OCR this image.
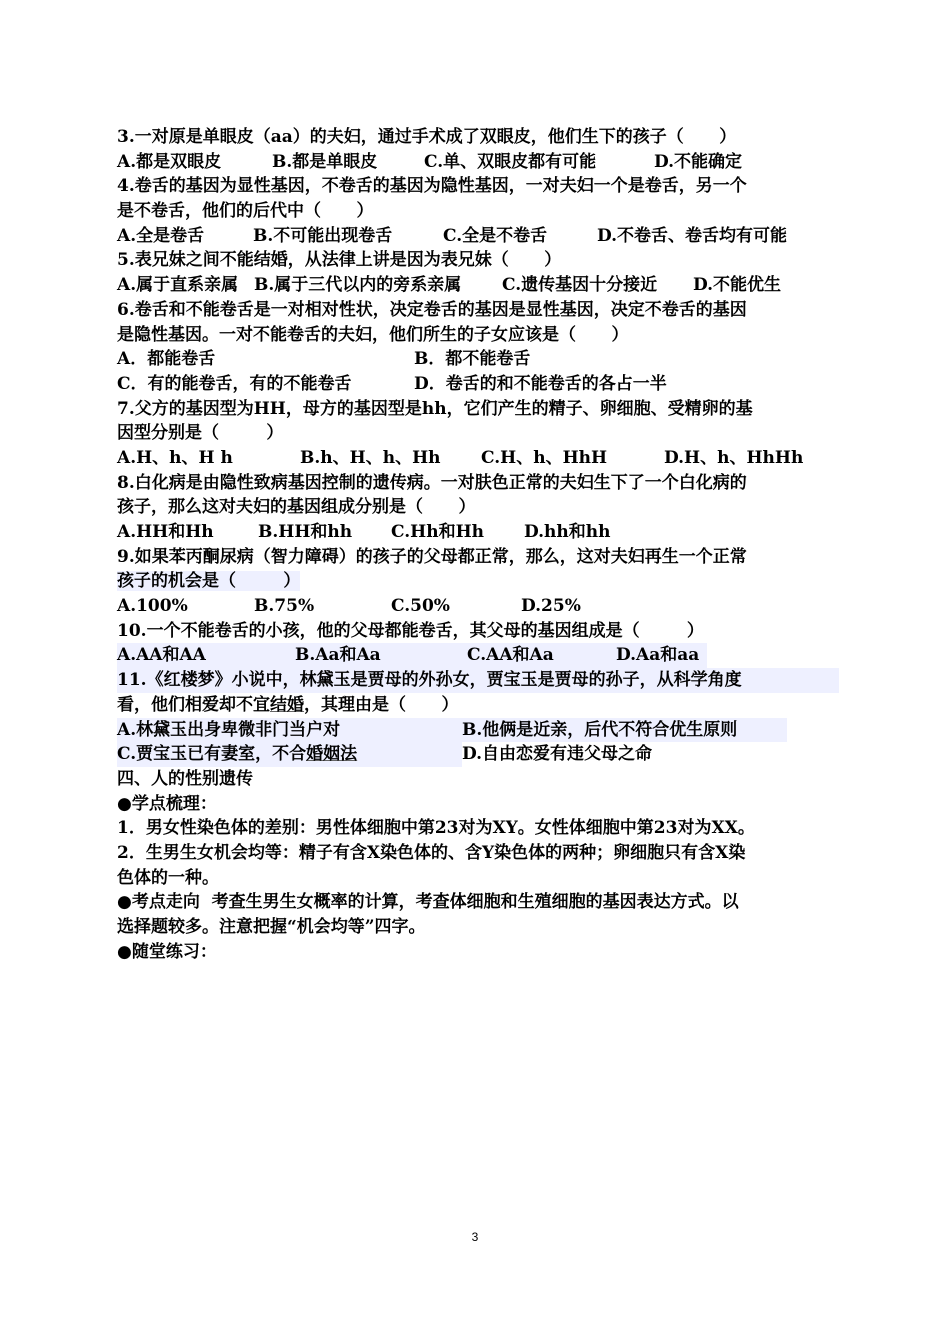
3.一对原是单眼皮（aa）的夫妇，通过手术成了双眼皮，他们生下的孩子（      ）
A.都是双眼皮	B.都是单眼皮	C.单、双眼皮都有可能	D.不能确定
4.卷舌的基因为显性基因，不卷舌的基因为隐性基因，一对夫妇一个是卷舌，另一个
是不卷舌，他们的后代中（      ）
A.全是卷舌	B.不可能出现卷舌	C.全是不卷舌	D.不卷舌、卷舌均有可能
5.表兄妹之间不能结婚，从法律上讲是因为表兄妹（      ）
A.属于直系亲属 B.属于三代以内的旁系亲属	C.遗传基因十分接近	D.不能优生
6.卷舌和不能卷舌是一对相对性状，决定卷舌的基因是显性基因，决定不卷舌的基因
是隐性基因。一对不能卷舌的夫妇，他们所生的子女应该是（      ）
A．都能卷舌	B．都不能卷舌
C．有的能卷舌，有的不能卷舌	D．卷舌的和不能卷舌的各占一半
7.父方的基因型为HH，母方的基因型是hh，它们产生的精子、卵细胞、受精卵的基
因型分别是（        ）
A.H、h、H h	B.h、H、h、Hh	C.H、h、HhH	D.H、h、HhHh
8.白化病是由隐性致病基因控制的遗传病。一对肤色正常的夫妇生下了一个白化病的
孩子，那么这对夫妇的基因组成分别是（      ）
A.HH和Hh	B.HH和hh	C.Hh和Hh	D.hh和hh
9.如果苯丙酮尿病（智力障碍）的孩子的父母都正常，那么，这对夫妇再生一个正常
孩子的机会是（        ）
A.100%	B.75%	C.50%	D.25%
10.一个不能卷舌的小孩，他的父母都能卷舌，其父母的基因组成是（        ）
A.AA和AA	B.Aa和Aa	C.AA和Aa	D.Aa和aa
11.《红楼梦》小说中，林黛玉是贾母的外孙女，贾宝玉是贾母的孙子，从科学角度
看，他们相爱却不宜结婚，其理由是（      ）
A.林黛玉出身卑微非门当户对	B.他俩是近亲，后代不符合优生原则
C.贾宝玉已有妻室，不合婚姻法	D.自由恋爱有违父母之命
四、人的性别遗传
●学点梳理：
1．男女性染色体的差别：男性体细胞中第23对为XY。女性体细胞中第23对为XX。
2．生男生女机会均等：精子有含X染色体的、含Y染色体的两种；卵细胞只有含X染
色体的一种。
●考点走向  考查生男生女概率的计算，考查体细胞和生殖细胞的基因表达方式。以
选择题较多。注意把握“机会均等”四字。
●随堂练习：
3
